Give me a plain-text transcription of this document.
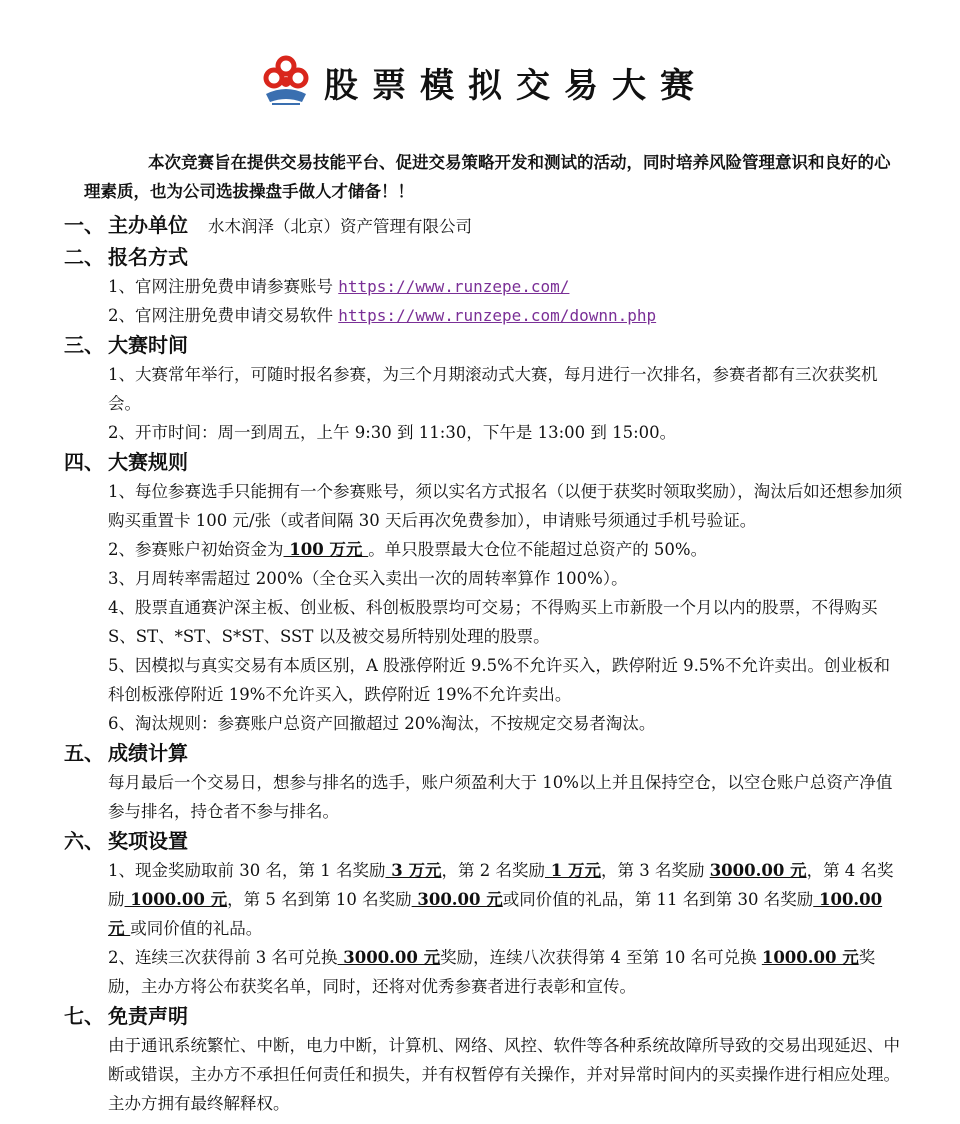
股票模拟交易大赛

本次竞赛旨在提供交易技能平台、促进交易策略开发和测试的活动，同时培养风险管理意识和良好的心理素质，也为公司选拔操盘手做人才储备！！

一、 主办单位 水木润泽（北京）资产管理有限公司
二、 报名方式

1、官网注册免费申请参赛账号 https://www.runzepe.com/

2、官网注册免费申请交易软件 https://www.runzepe.com/downn.php

三、 大赛时间

1、大赛常年举行，可随时报名参赛，为三个月期滚动式大赛，每月进行一次排名，参赛者都有三次获奖机会。

2、开市时间：周一到周五，上午 9:30 到 11:30，下午是 13:00 到 15:00。

四、 大赛规则

1、每位参赛选手只能拥有一个参赛账号，须以实名方式报名（以便于获奖时领取奖励），淘汰后如还想参加须购买重置卡 100 元/张（或者间隔 30 天后再次免费参加），申请账号须通过手机号验证。

2、参赛账户初始资金为 100 万元 。单只股票最大仓位不能超过总资产的 50%。

3、月周转率需超过 200%（全仓买入卖出一次的周转率算作 100%）。

4、股票直通赛沪深主板、创业板、科创板股票均可交易；不得购买上市新股一个月以内的股票，不得购买 S、ST、*ST、S*ST、SST 以及被交易所特别处理的股票。

5、因模拟与真实交易有本质区别，A 股涨停附近 9.5%不允许买入，跌停附近 9.5%不允许卖出。创业板和科创板涨停附近 19%不允许买入，跌停附近 19%不允许卖出。

6、淘汰规则：参赛账户总资产回撤超过 20%淘汰，不按规定交易者淘汰。

五、 成绩计算

每月最后一个交易日，想参与排名的选手，账户须盈利大于 10%以上并且保持空仓，以空仓账户总资产净值参与排名，持仓者不参与排名。

六、 奖项设置

1、现金奖励取前 30 名，第 1 名奖励 3 万元，第 2 名奖励 1 万元，第 3 名奖励 3000.00 元，第 4 名奖励 1000.00 元，第 5 名到第 10 名奖励 300.00 元或同价值的礼品，第 11 名到第 30 名奖励 100.00 元 或同价值的礼品。

2、连续三次获得前 3 名可兑换 3000.00 元奖励，连续八次获得第 4 至第 10 名可兑换 1000.00 元奖励，主办方将公布获奖名单，同时，还将对优秀参赛者进行表彰和宣传。

七、 免责声明

由于通讯系统繁忙、中断，电力中断，计算机、网络、风控、软件等各种系统故障所导致的交易出现延迟、中断或错误，主办方不承担任何责任和损失，并有权暂停有关操作，并对异常时间内的买卖操作进行相应处理。主办方拥有最终解释权。
